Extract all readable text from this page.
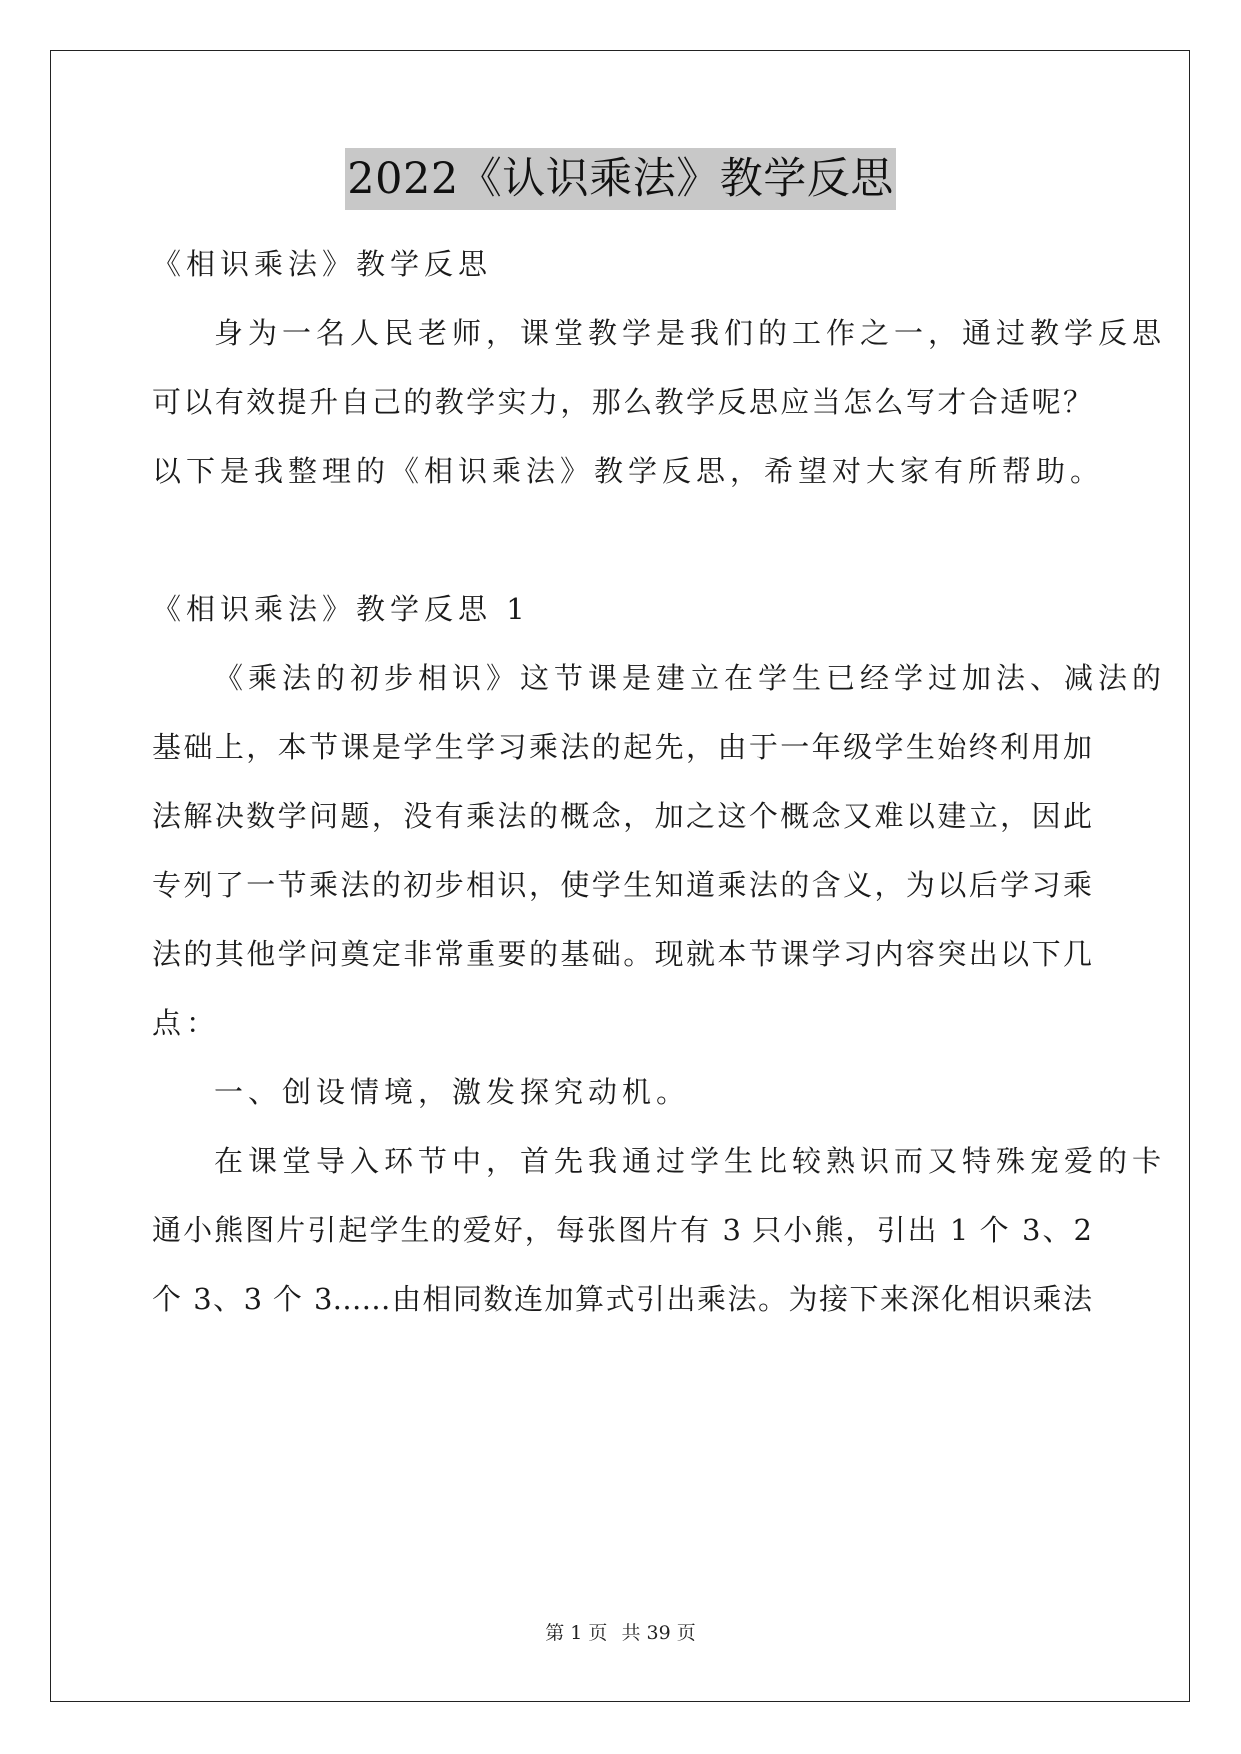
2022《认识乘法》教学反思
《相识乘法》教学反思
身为一名人民老师，课堂教学是我们的工作之一，通过教学反思
可以有效提升自己的教学实力，那么教学反思应当怎么写才合适呢？
以下是我整理的《相识乘法》教学反思，希望对大家有所帮助。
《相识乘法》教学反思 1
《乘法的初步相识》这节课是建立在学生已经学过加法、减法的
基础上，本节课是学生学习乘法的起先，由于一年级学生始终利用加
法解决数学问题，没有乘法的概念，加之这个概念又难以建立，因此
专列了一节乘法的初步相识，使学生知道乘法的含义，为以后学习乘
法的其他学问奠定非常重要的基础。现就本节课学习内容突出以下几
点：
一、创设情境，激发探究动机。
在课堂导入环节中，首先我通过学生比较熟识而又特殊宠爱的卡
通小熊图片引起学生的爱好，每张图片有 3 只小熊，引出 1 个 3、2
个 3、3 个 3……由相同数连加算式引出乘法。为接下来深化相识乘法
第 1 页 共 39 页
